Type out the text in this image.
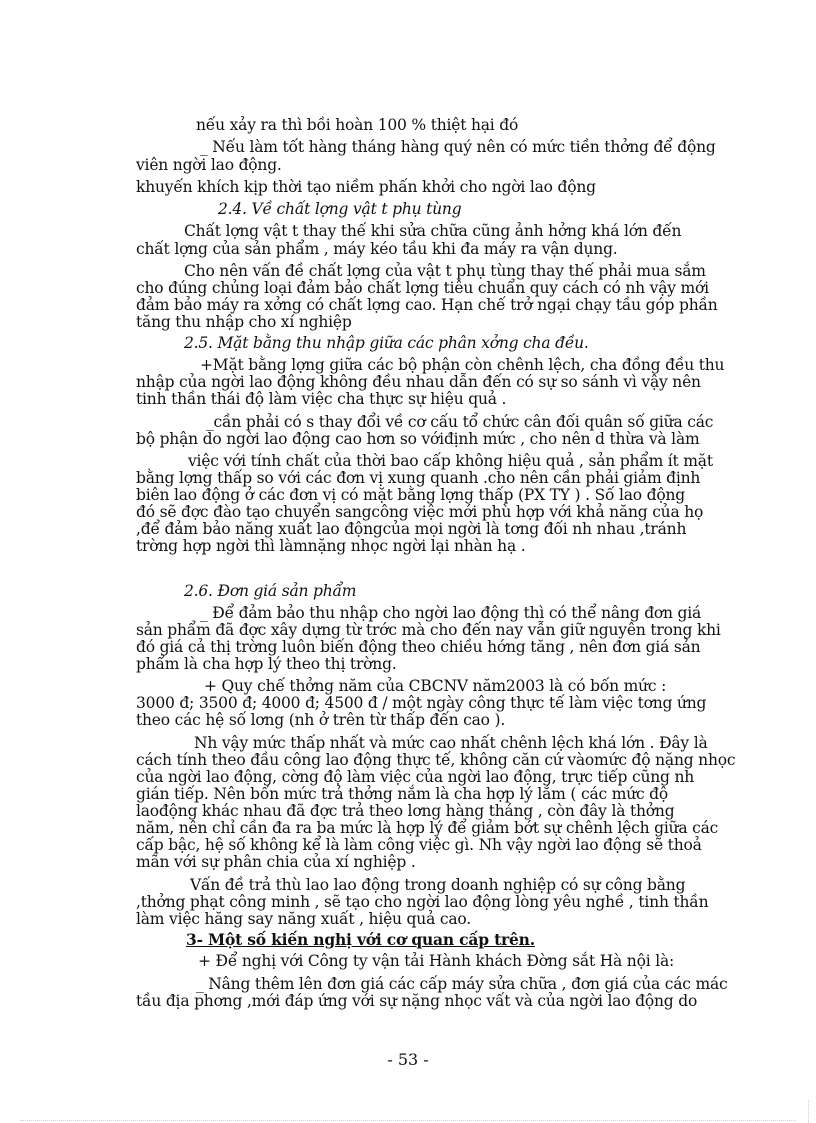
nếu xảy ra thì bồi hoàn 100 % thiệt hại đó

_ Nếu làm tốt hàng tháng hàng quý nên có mức tiền thởng để động

viên ngời lao động.

khuyến khích kịp thời tạo niềm phấn khởi cho ngời lao động

2.4. Về chất lợng vật t phụ tùng

Chất lợng vật t thay thế khi sửa chữa cũng ảnh hởng khá lớn đến

chất lợng của sản phẩm , máy kéo tầu khi đa máy ra vận dụng.

Cho nên vấn đề chất lợng của vật t phụ tùng thay thế phải mua sắm

cho đúng chủng loại đảm bảo chất lợng tiêu chuẩn quy cách có nh vậy mới

đảm bảo máy ra xởng có chất lợng cao. Hạn chế trở ngại chạy tầu góp phần

tăng thu nhập cho xí nghiệp

2.5. Mặt bằng thu nhập giữa các phân xởng cha đều.

+Mặt bằng lợng giữa các bộ phận còn chênh lệch, cha đồng đều thu

nhập của ngời lao động không đều nhau dẫn đến có sự so sánh vì vậy nên

tinh thần thái độ làm việc cha thực sự hiệu quả .

_cần phải có s thay đổi về cơ cấu tổ chức cân đối quân số giữa các

bộ phận do ngời lao động cao hơn so vớiđịnh mức , cho nên d thừa và làm

việc với tính chất của thời bao cấp không hiệu quả , sản phẩm ít mặt

bằng lợng thấp so với các đơn vị xung quanh .cho nên cần phải giảm định

biên lao động ở các đơn vị có mặt bằng lợng thấp (PX TY ) . Số lao động

đó sẽ đợc đào tạo chuyển sangcông việc mới phù hợp với khả năng của họ

,để đảm bảo năng xuất lao độngcủa mọi ngời là tơng đối nh nhau ,tránh

trờng hợp ngời thì làmnặng nhọc ngời lại nhàn hạ .

2.6. Đơn giá sản phẩm

_ Để đảm bảo thu nhập cho ngời lao động thì có thể nâng đơn giá

sản phẩm đã đợc xây dựng từ trớc mà cho đến nay vẫn giữ nguyên trong khi

đó giá cả thị trờng luôn biến động theo chiều hớng tăng , nên đơn giá sản

phẩm là cha hợp lý theo thị trờng.

+ Quy chế thởng năm của CBCNV năm2003 là có bốn mức :

3000 đ; 3500 đ; 4000 đ; 4500 đ / một ngày công thực tế làm việc tơng ứng

theo các hệ số lơng (nh ở trên từ thấp đến cao ).

Nh vậy mức thấp nhất và mức cao nhất chênh lệch khá lớn . Đây là

cách tính theo đầu công lao động thực tế, không căn cứ vàomức độ nặng nhọc

của ngời lao động, cờng độ làm việc của ngời lao động, trực tiếp cũng nh

gián tiếp. Nên bốn mức trả thởng nắm là cha hợp lý lắm ( các mức độ

laođộng khác nhau đã đợc trả theo lơng hàng tháng , còn đây là thởng

năm, nên chỉ cần đa ra ba mức là hợp lý để giảm bớt sự chênh lệch giữa các

cấp bậc, hệ số không kể là làm công việc gì. Nh vậy ngời lao động sẽ thoả

mãn với sự phân chia của xí nghiệp .

Vấn đề trả thù lao lao động trong doanh nghiệp có sự công bằng

,thởng phạt công minh , sẽ tạo cho ngời lao động lòng yêu nghề , tinh thần

làm việc hăng say năng xuất , hiệu quả cao.

3- Một số kiến nghị với cơ quan cấp trên.

+ Để nghị với Công ty vận tải Hành khách Đờng sắt Hà nội là:

_ Nâng thêm lên đơn giá các cấp máy sửa chữa , đơn giá của các mác

tầu địa phơng ,mới đáp ứng với sự nặng nhọc vất và của ngời lao động do

- 53 -
